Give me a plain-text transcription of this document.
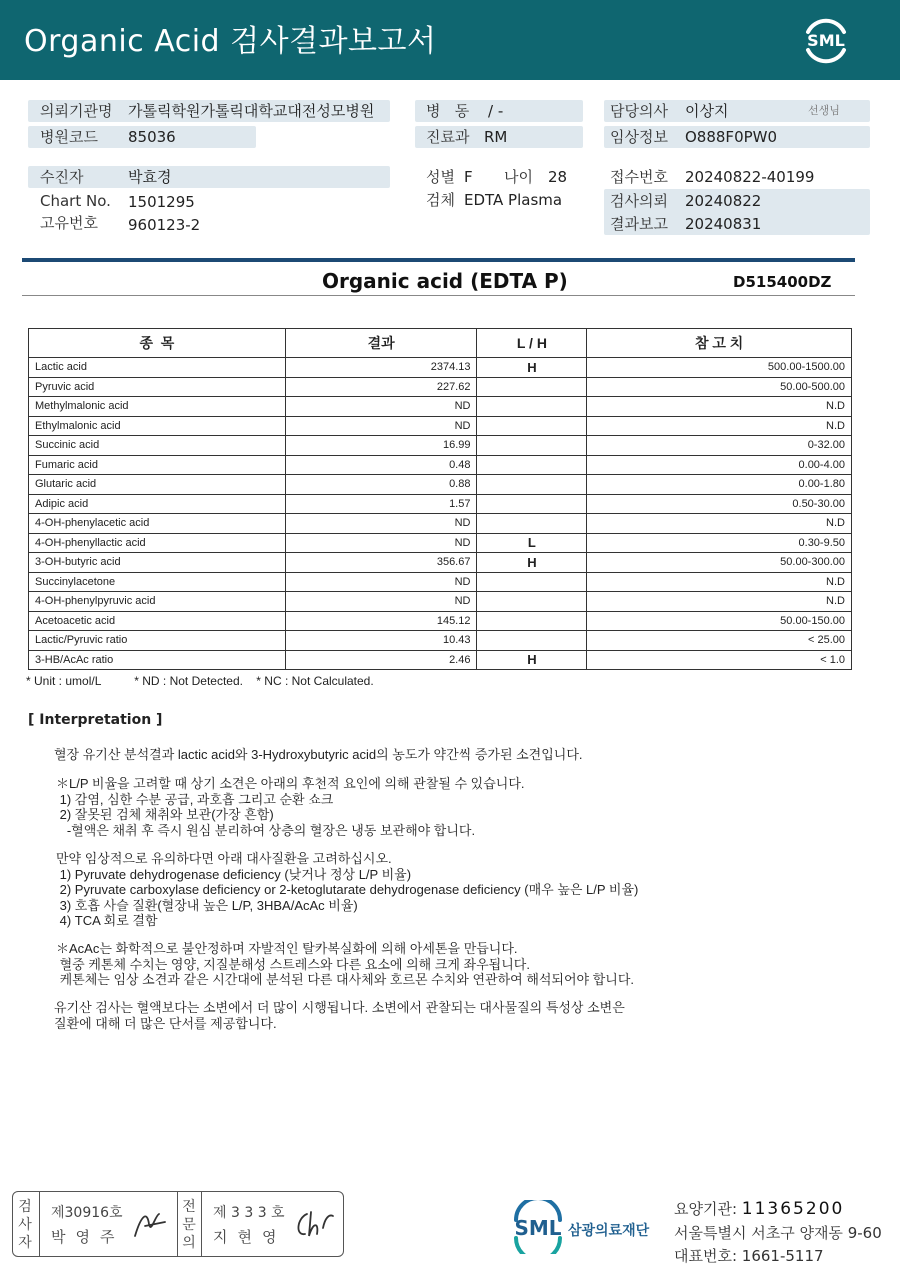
Organic Acid 검사결과보고서	SML
의뢰기관명 가톨릭학원가톨릭대학교대전성모병원
병원코드 85036
병   동 / -
진료과 RM
담당의사 이상지	선생님
임상정보 O888F0PW0
수진자	박효경
Chart No. 1501295
고유번호 960123-2
성별 F 나이 28
검체 EDTA Plasma
접수번호 20240822-40199
검사의뢰 20240822
결과보고 20240831
Organic acid (EDTA P)	D515400DZ
종  목	결과	L / H	참 고 치
Lactic acid	2374.13	H	500.00-1500.00
Pyruvic acid	227.62		50.00-500.00
Methylmalonic acid	ND		N.D
Ethylmalonic acid	ND		N.D
Succinic acid	16.99		0-32.00
Fumaric acid	0.48		0.00-4.00
Glutaric acid	0.88		0.00-1.80
Adipic acid	1.57		0.50-30.00
4-OH-phenylacetic acid	ND		N.D
4-OH-phenyllactic acid	ND	L	0.30-9.50
3-OH-butyric acid	356.67	H	50.00-300.00
Succinylacetone	ND		N.D
4-OH-phenylpyruvic acid	ND		N.D
Acetoacetic acid	145.12		50.00-150.00
Lactic/Pyruvic ratio	10.43		< 25.00
3-HB/AcAc ratio	2.46	H	< 1.0
* Unit : umol/L          * ND : Not Detected.    * NC : Not Calculated.
[ Interpretation ]
혈장 유기산 분석결과 lactic acid와 3-Hydroxybutyric acid의 농도가 약간씩 증가된 소견입니다.
＊L/P 비율을 고려할 때 상기 소견은 아래의 후천적 요인에 의해 관찰될 수 있습니다.
1) 감염, 심한 수분 공급, 과호흡 그리고 순환 쇼크
2) 잘못된 검체 채취와 보관(가장 흔함)
-혈액은 채취 후 즉시 원심 분리하여 상층의 혈장은 냉동 보관해야 합니다.
만약 임상적으로 유의하다면 아래 대사질환을 고려하십시오.
1) Pyruvate dehydrogenase deficiency (낮거나 정상 L/P 비율)
2) Pyruvate carboxylase deficiency or 2-ketoglutarate dehydrogenase deficiency (매우 높은 L/P 비율)
3) 호흡 사슬 질환(혈장내 높은 L/P, 3HBA/AcAc 비율)
4) TCA 회로 결함
＊AcAc는 화학적으로 불안정하며 자발적인 탈카복실화에 의해 아세톤을 만듭니다.
혈중 케톤체 수치는 영양, 지질분해성 스트레스와 다른 요소에 의해 크게 좌우됩니다.
케톤체는 임상 소견과 같은 시간대에 분석된 다른 대사체와 호르몬 수치와 연관하여 해석되어야 합니다.
유기산 검사는 혈액보다는 소변에서 더 많이 시행됩니다. 소변에서 관찰되는 대사물질의 특성상 소변은
질환에 대해 더 많은 단서를 제공합니다.
검
사
자
제30916호
박영주
전
문
의
제 3 3 3 호
지현영	SML 삼광의료재단
요양기관: 11365200
서울특별시 서초구 양재동 9-60
대표번호: 1661-5117
